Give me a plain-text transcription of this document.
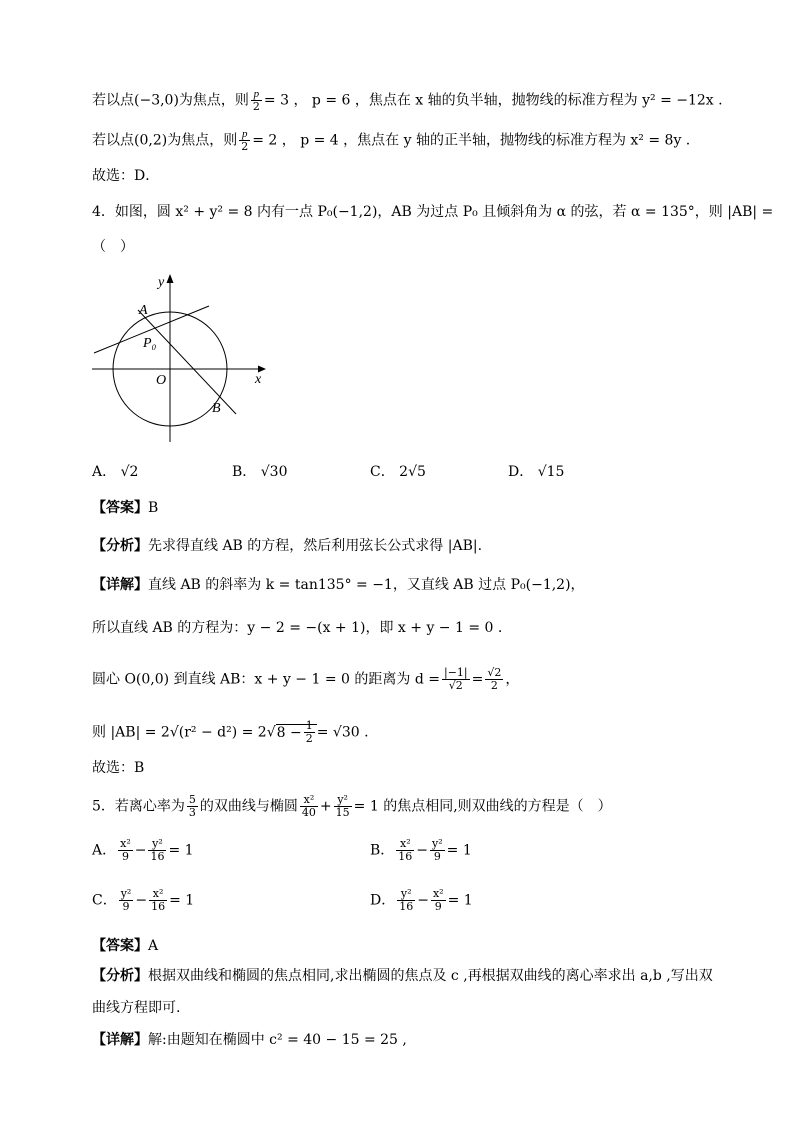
若以点(−3,0)为焦点，则 $\frac{p}{2} = 3$ ， p = 6 ，焦点在 x 轴的负半轴，抛物线的标准方程为 y² = −12x .
若以点(0,2)为焦点，则 $\frac{p}{2} = 2$ ， p = 4 ，焦点在 y 轴的正半轴，抛物线的标准方程为 x² = 8y .
故选：D．
4．如图，圆 x² + y² = 8 内有一点 P₀(−1,2)，AB 为过点 P₀ 且倾斜角为 α 的弦，若 α = 135°，则 |AB| =
（　）
y
x
A
B
O
P₀
A． √2	B． √30	C． 2√5	D． √15
【答案】B
【分析】先求得直线 AB 的方程，然后利用弦长公式求得 |AB|.
【详解】直线 AB 的斜率为 k = tan135° = −1，又直线 AB 过点 P₀(−1,2)，
所以直线 AB 的方程为：y − 2 = −(x + 1)，即 x + y − 1 = 0 .
圆心 O(0,0) 到直线 AB：x + y − 1 = 0 的距离为 $d = \frac{|-1|}{√2} = \frac{√2}{2}$ ，
则 $|AB| = 2√(r^2 - d^2) = 2√8 - \frac{1}{2} = √30$ .
故选：B
5．若离心率为 $\frac{5}{3}$ 的双曲线与椭圆 $\frac{\text{x²}}{40} + \frac{\text{y²}}{15} = 1$ 的焦点相同,则双曲线的方程是（　）
A． $\frac{\text{x²}}{9} - \frac{\text{y²}}{16} = 1$	B． $\frac{\text{x²}}{16} - \frac{\text{y²}}{9} = 1$
C． $\frac{\text{y²}}{9} - \frac{\text{x²}}{16} = 1$	D． $\frac{\text{y²}}{16} - \frac{\text{x²}}{9} = 1$
【答案】A
【分析】根据双曲线和椭圆的焦点相同,求出椭圆的焦点及 c ,再根据双曲线的离心率求出 a,b ,写出双
曲线方程即可.
【详解】解:由题知在椭圆中 c² = 40 − 15 = 25 ,
